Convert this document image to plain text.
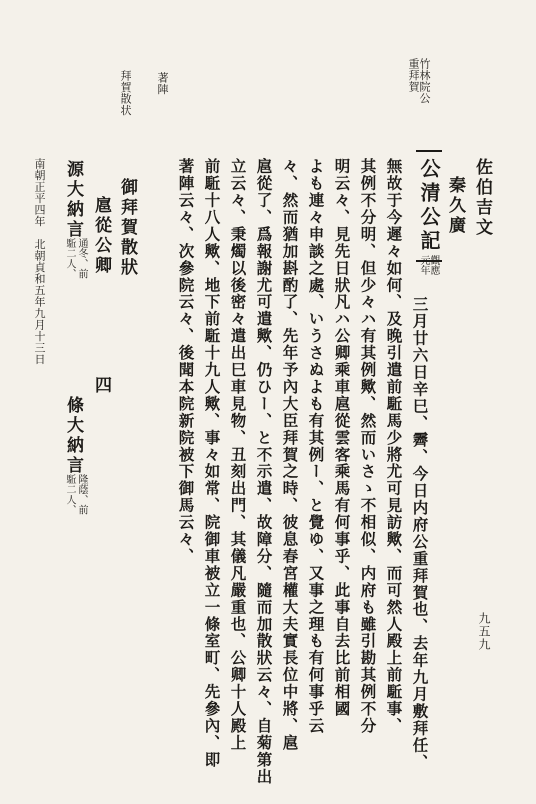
竹林院公重拜賀
著陣
拜賀散状
佐伯吉文
秦久廣
公清公記
觀應元年
三月廿六日辛巳、霽、今日内府公重拜賀也、去年九月敷拜任、
無故于今遲々如何、及晚引遣前駈馬少將尤可見訪歟、而可然人殿上前駈事、
其例不分明、但少々ハ有其例歟、然而いさゝ不相似、内府も雖引勘其例不分
明云々、見先日狀凡ハ公卿乘車扈從雲客乘馬有何事乎、此事自去比前相國
よも連々申談之處、いうさぬよも有其例ー、と覺ゆ、又事之理も有何事乎云
々、然而猶加斟酌了、先年予內大臣拜賀之時、彼息春宮權大夫實長位中將、扈
扈從了、爲報謝尤可遣歟、仍ひー、と不示遣、故障分、隨而加散狀云々、自菊第出
立云々、秉燭以後密々遣出巳車見物、丑刻出門、其儀凡嚴重也、公卿十人殿上
前駈十八人歟、地下前駈十九人歟、事々如常、院御車被立一條室町、先參內、即
著陣云々、次參院云々、後聞本院新院被下御馬云々、
御拜賀散狀
扈從公卿
源大納言
通冬、前
駈二人、
四
條大納言
隆蔭、前
駈二人、
南朝正平四年　北朝貞和五年九月十三日
九五九
